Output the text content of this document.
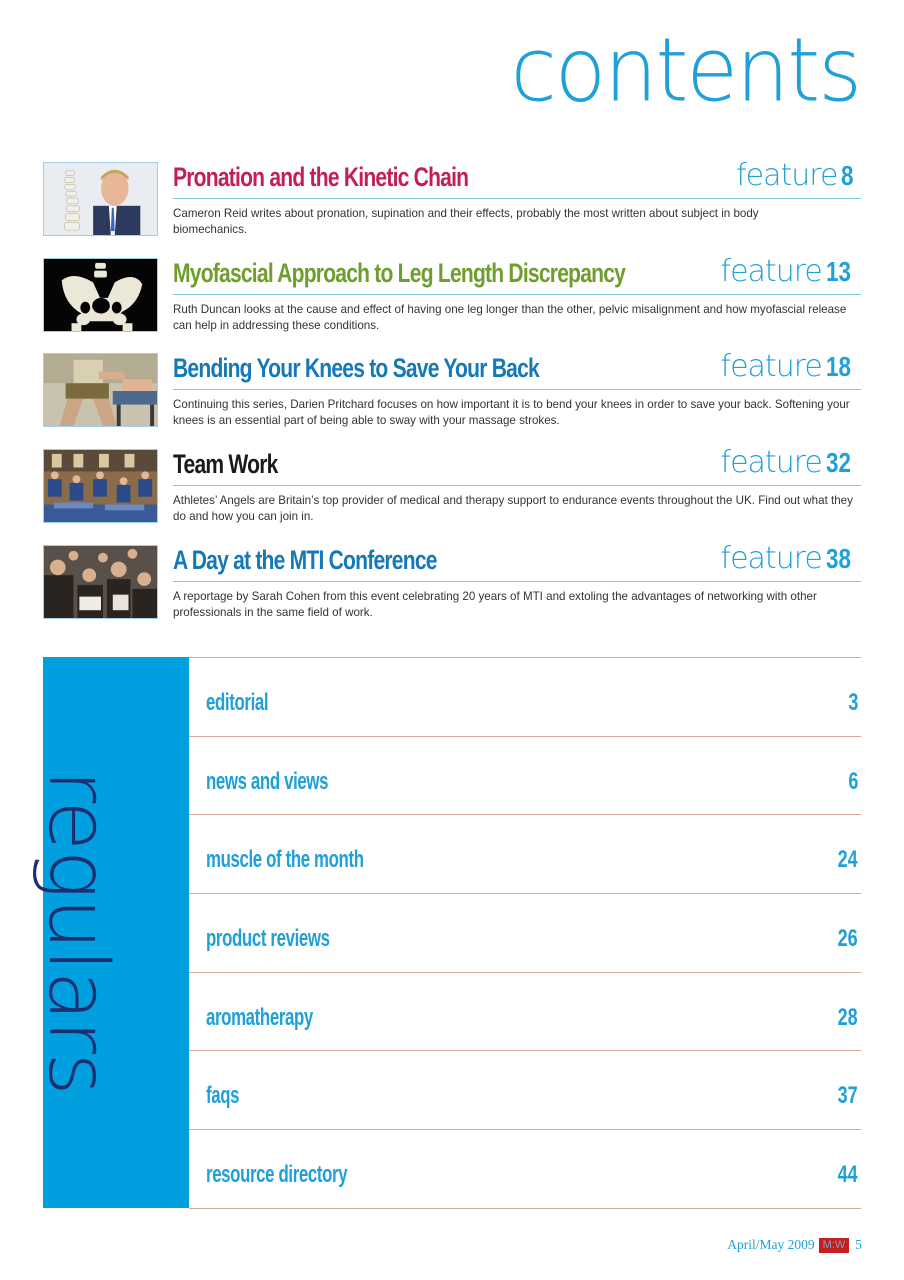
contents
Pronation and the Kinetic Chain	feature 8
Cameron Reid writes about pronation, supination and their effects, probably the most written about subject in body biomechanics.
Myofascial Approach to Leg Length Discrepancy	feature 13
Ruth Duncan looks at the cause and effect of having one leg longer than the other, pelvic misalignment and how myofascial release can help in addressing these conditions.
Bending Your Knees to Save Your Back	feature 18
Continuing this series, Darien Pritchard focuses on how important it is to bend your knees in order to save your back. Softening your knees is an essential part of being able to sway with your massage strokes.
Team Work	feature 32
Athletes’ Angels are Britain’s top provider of medical and therapy support to endurance events throughout the UK. Find out what they do and how you can join in.
A Day at the MTI Conference	feature 38
A reportage by Sarah Cohen from this event celebrating 20 years of MTI and extoling the advantages of networking with other professionals in the same field of work.
regulars
editorial	3
news and views	6
muscle of the month	24
product reviews	26
aromatherapy	28
faqs	37
resource directory	44
April/May 2009 M:W 5
